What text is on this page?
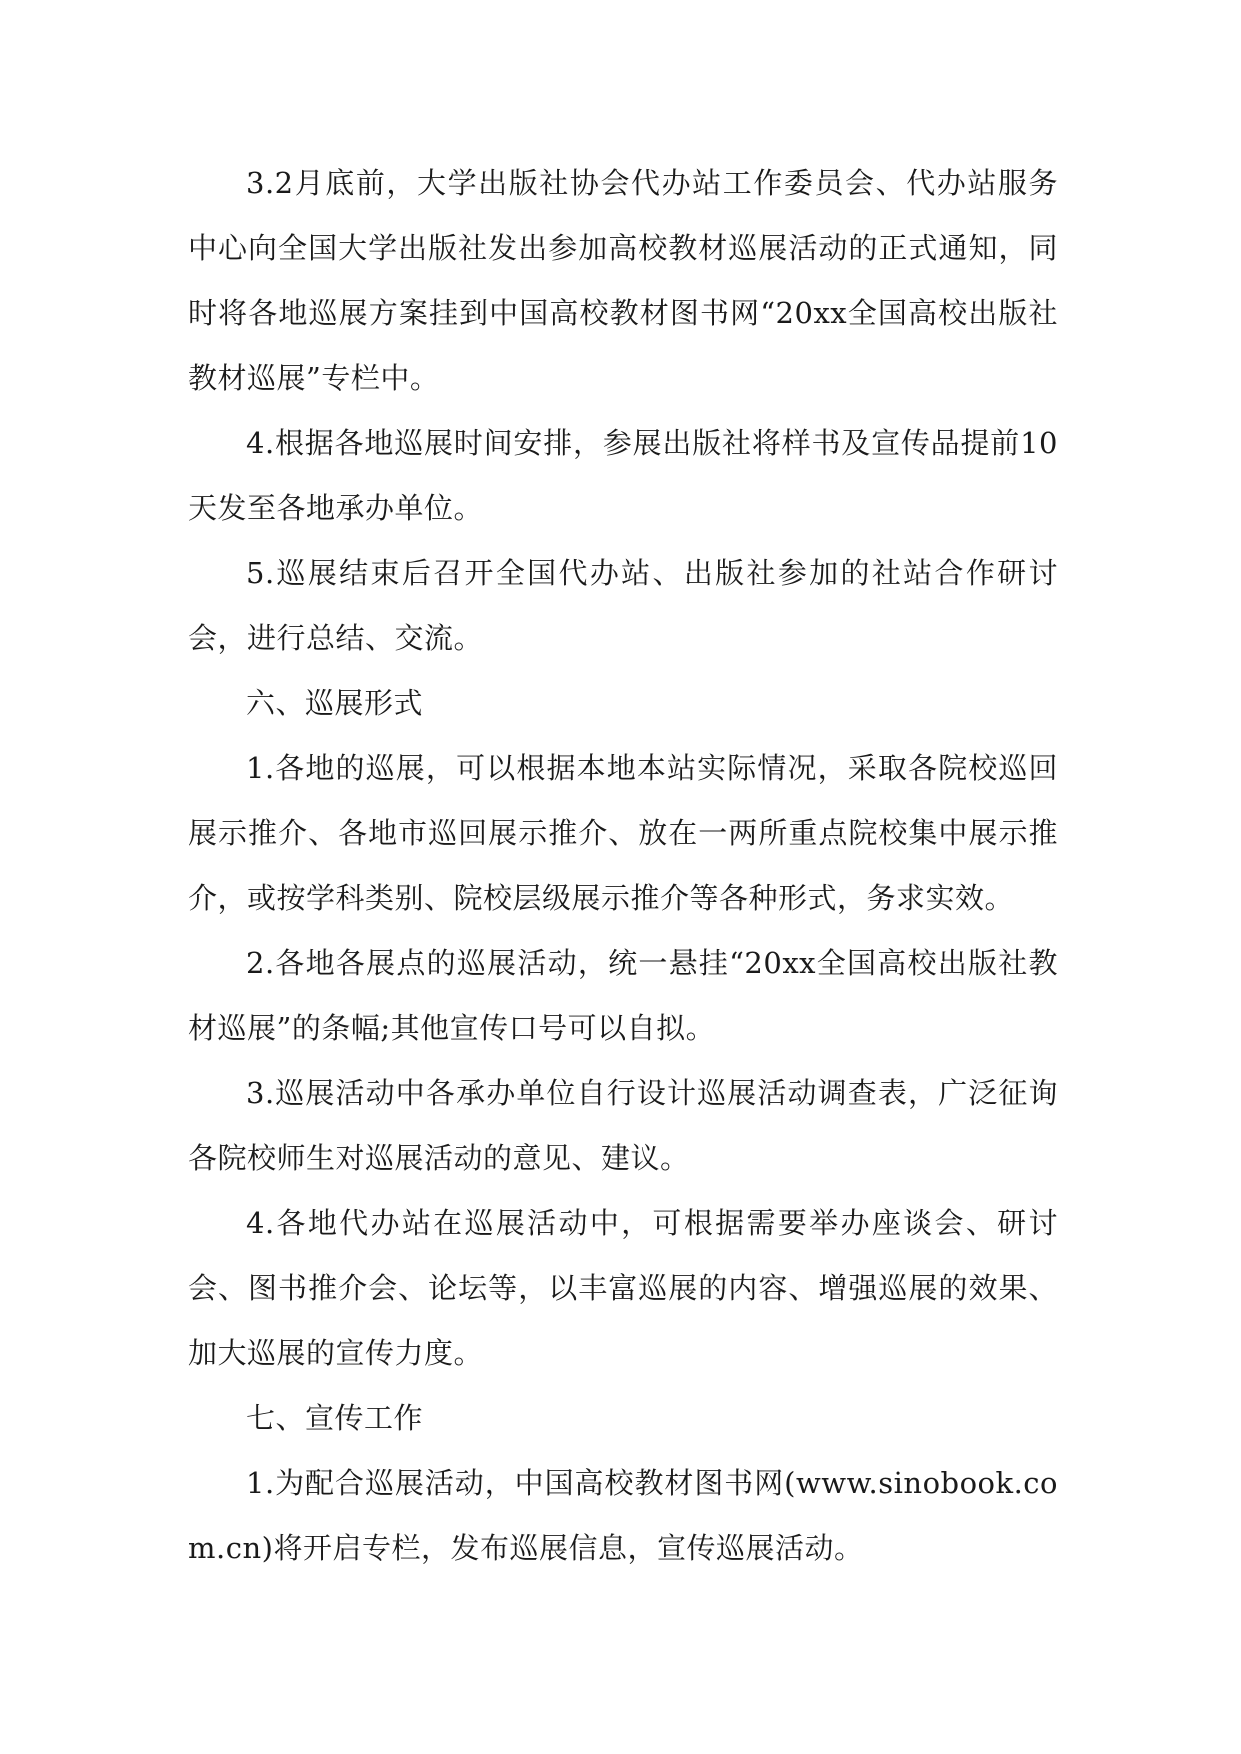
3.2月底前，大学出版社协会代办站工作委员会、代办站服务中心向全国大学出版社发出参加高校教材巡展活动的正式通知，同时将各地巡展方案挂到中国高校教材图书网“20xx全国高校出版社教材巡展”专栏中。

4.根据各地巡展时间安排，参展出版社将样书及宣传品提前10天发至各地承办单位。

5.巡展结束后召开全国代办站、出版社参加的社站合作研讨会，进行总结、交流。

六、巡展形式

1.各地的巡展，可以根据本地本站实际情况，采取各院校巡回展示推介、各地市巡回展示推介、放在一两所重点院校集中展示推介，或按学科类别、院校层级展示推介等各种形式，务求实效。

2.各地各展点的巡展活动，统一悬挂“20xx全国高校出版社教材巡展”的条幅;其他宣传口号可以自拟。

3.巡展活动中各承办单位自行设计巡展活动调查表，广泛征询各院校师生对巡展活动的意见、建议。

4.各地代办站在巡展活动中，可根据需要举办座谈会、研讨会、图书推介会、论坛等，以丰富巡展的内容、增强巡展的效果、加大巡展的宣传力度。

七、宣传工作

1.为配合巡展活动，中国高校教材图书网(www.sinobook.com.cn)将开启专栏，发布巡展信息，宣传巡展活动。
